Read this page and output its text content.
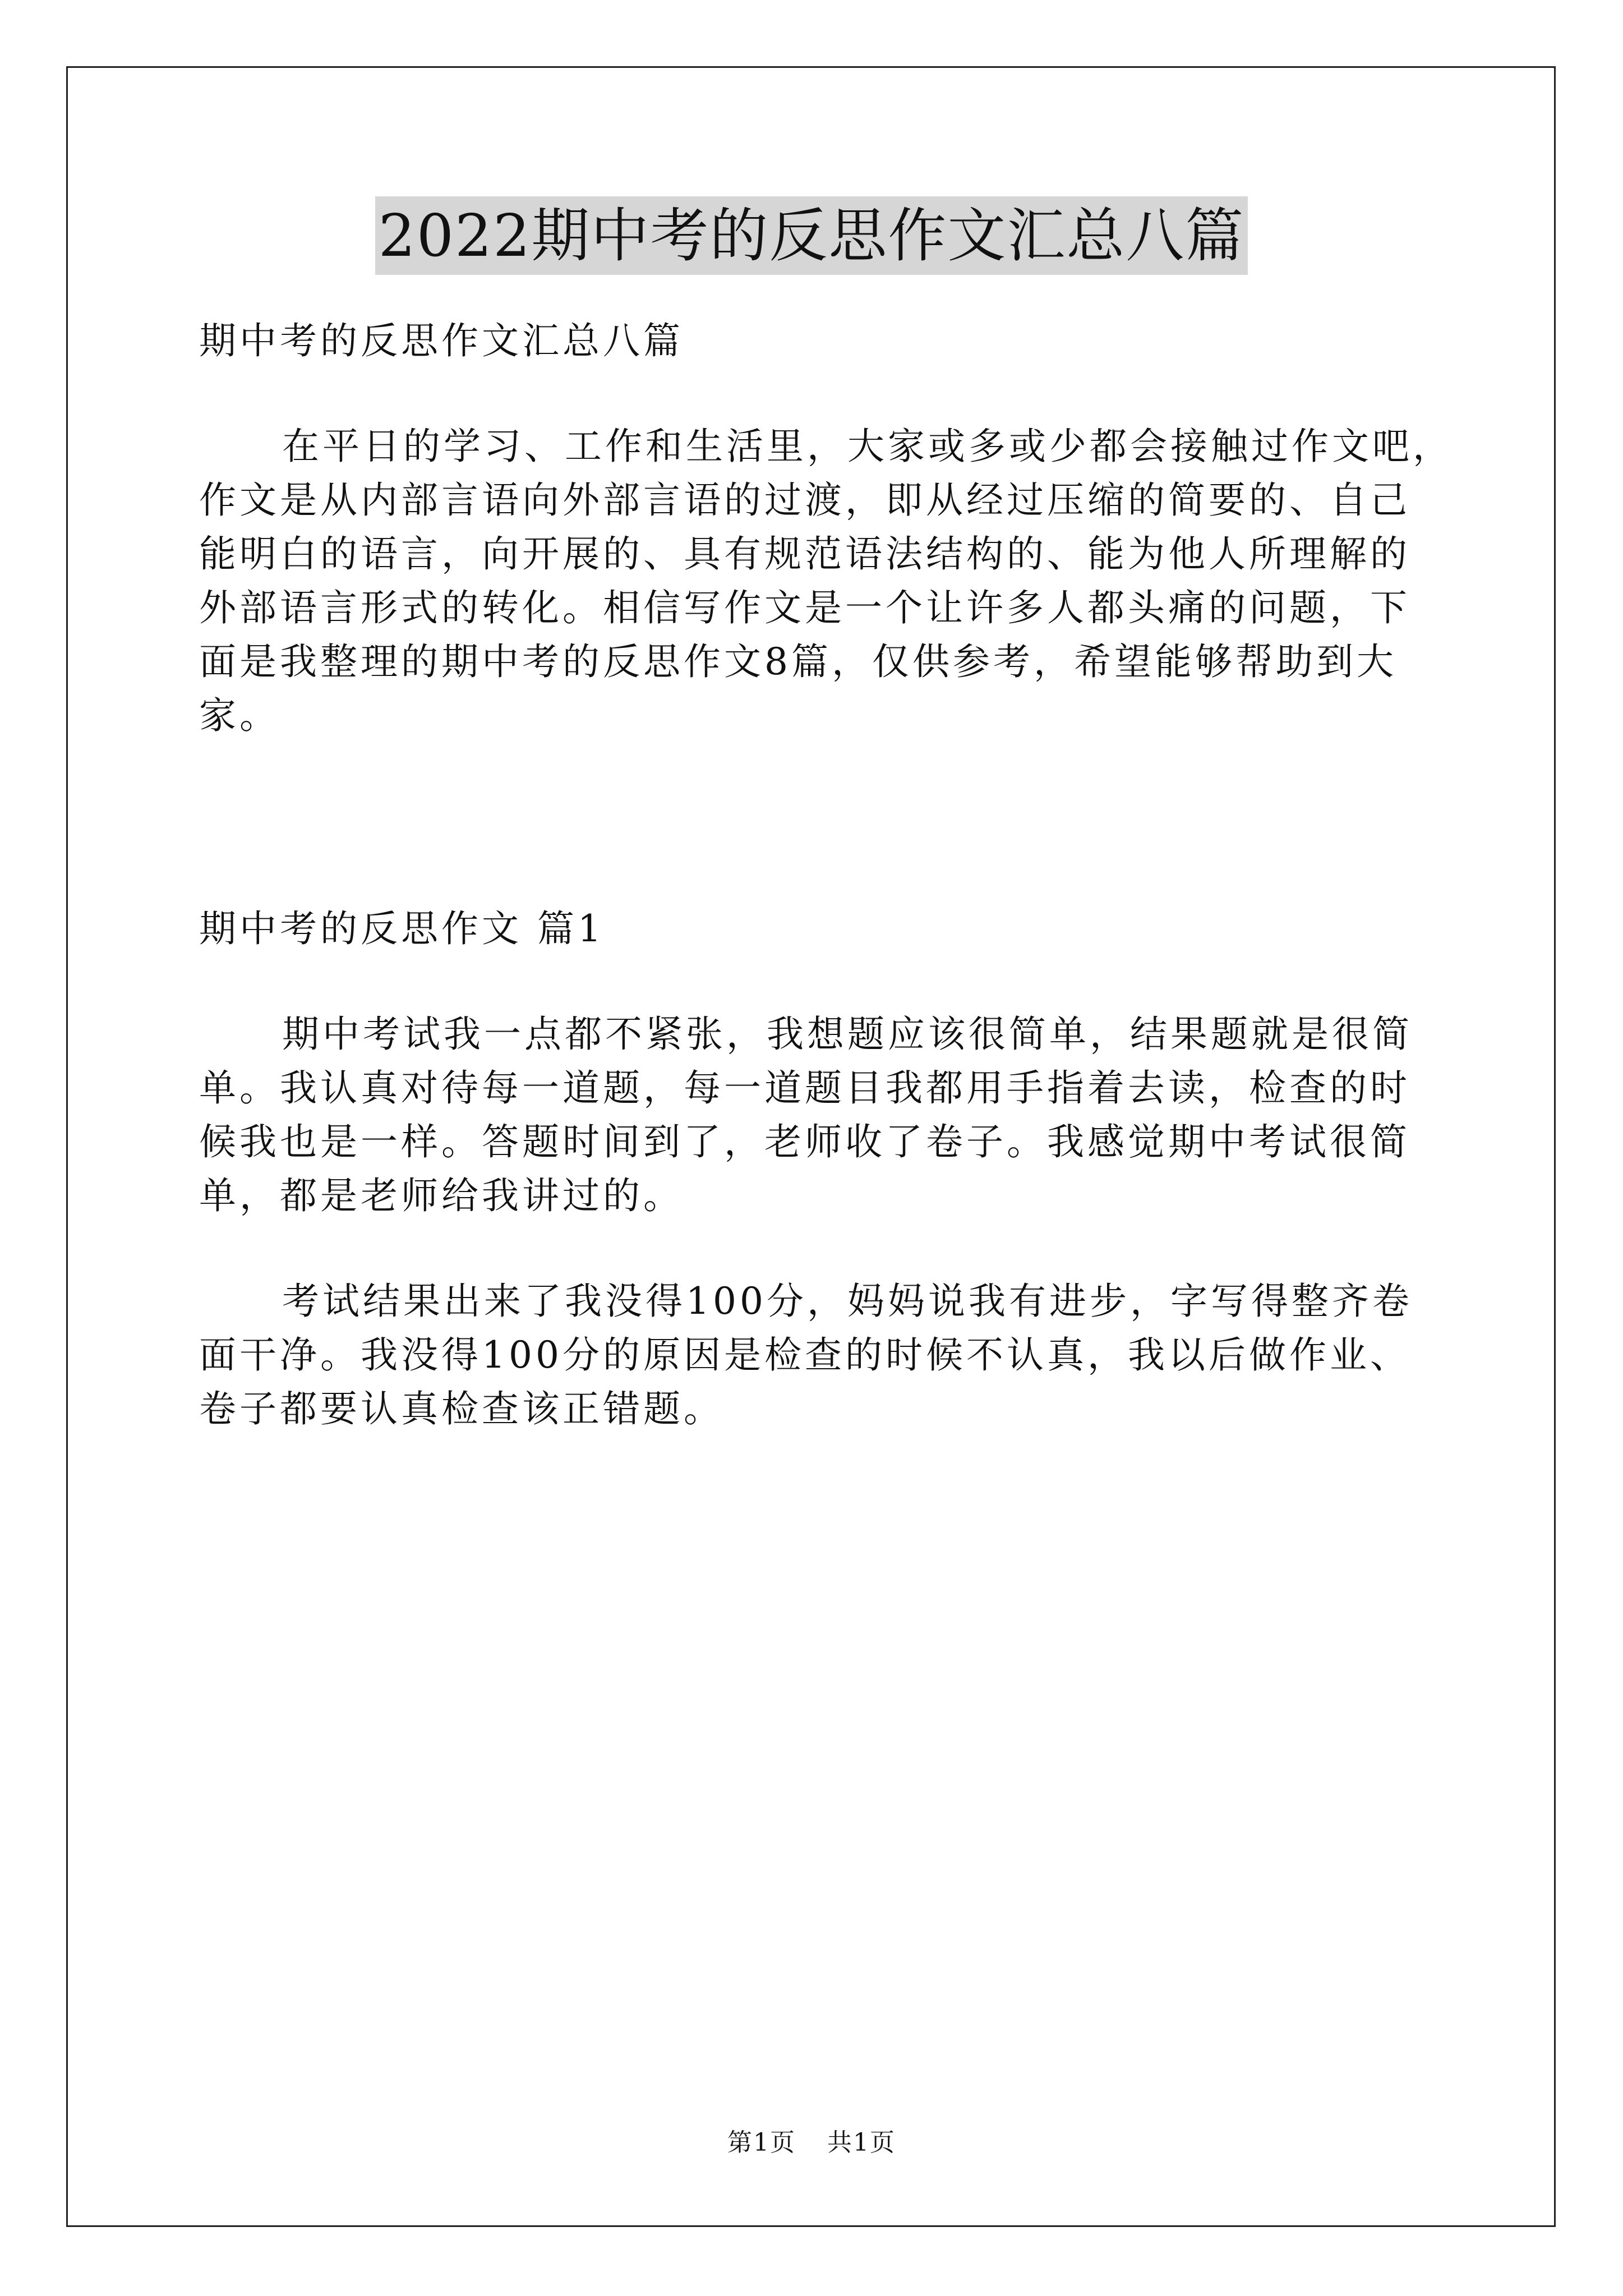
2022期中考的反思作文汇总八篇
期中考的反思作文汇总八篇
在平日的学习、工作和生活里，大家或多或少都会接触过作文吧，
作文是从内部言语向外部言语的过渡，即从经过压缩的简要的、自己
能明白的语言，向开展的、具有规范语法结构的、能为他人所理解的
外部语言形式的转化。相信写作文是一个让许多人都头痛的问题，下
面是我整理的期中考的反思作文8篇，仅供参考，希望能够帮助到大
家。
期中考的反思作文 篇1
期中考试我一点都不紧张，我想题应该很简单，结果题就是很简
单。我认真对待每一道题，每一道题目我都用手指着去读，检查的时
候我也是一样。答题时间到了，老师收了卷子。我感觉期中考试很简
单，都是老师给我讲过的。
考试结果出来了我没得100分，妈妈说我有进步，字写得整齐卷
面干净。我没得100分的原因是检查的时候不认真，我以后做作业、
卷子都要认真检查该正错题。
第1页 共1页
